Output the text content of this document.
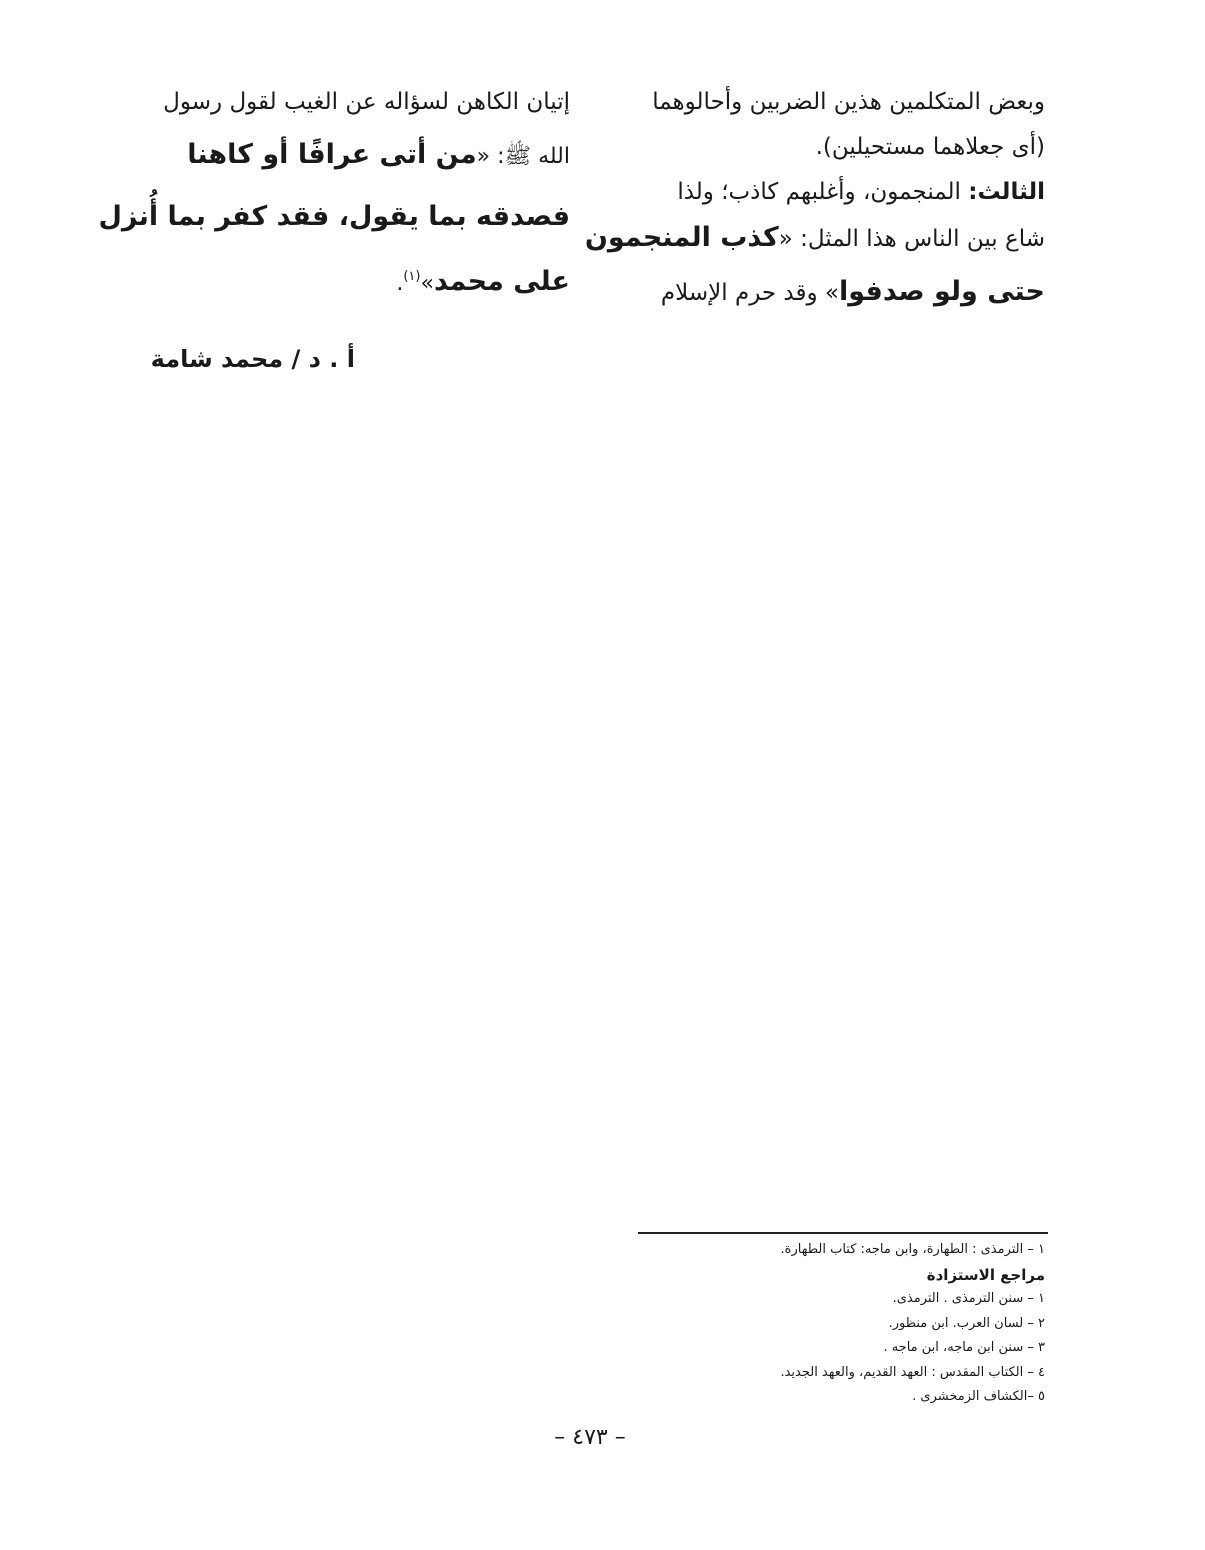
وبعض المتكلمين هذين الضربين وأحالوهما
(أى جعلاهما مستحيلين).
الثالث: المنجمون، وأغلبهم كاذب؛ ولذا
شاع بين الناس هذا المثل: «كذب المنجمون
حتى ولو صدفوا» وقد حرم الإسلام
إتيان الكاهن لسؤاله عن الغيب لقول رسول
الله ﷺ: «من أتى عرافًا أو كاهنا
فصدقه بما يقول، فقد كفر بما أُنزل
على محمد»$^{(١)}$.
أ . د / محمد شامة
١ – الترمذى : الطهارة، وابن ماجه: كتاب الطهارة.
مراجع الاستزادة
١ – سنن الترمذى . الترمذى.
٢ – لسان العرب. ابن منظور.
٣ – سنن ابن ماجه، ابن ماجه .
٤ – الكتاب المقدس : العهد القديم، والعهد الجديد.
٥ –الكشاف الزمخشرى .
– ٤٧٣ –
